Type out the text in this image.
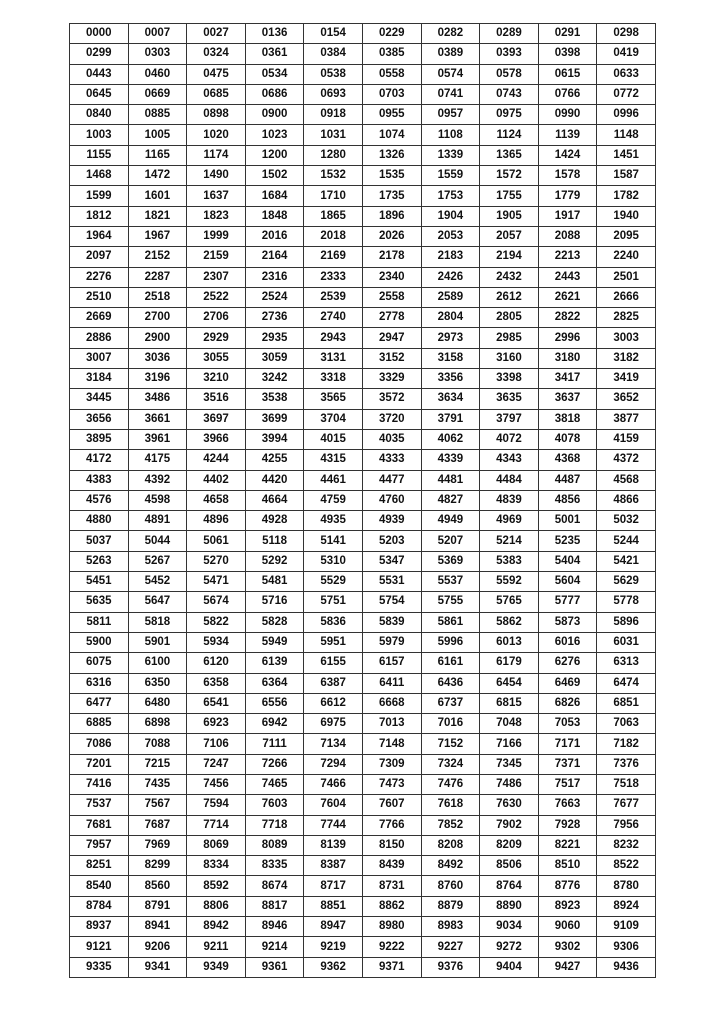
0000	0007	0027	0136	0154	0229	0282	0289	0291	0298
0299	0303	0324	0361	0384	0385	0389	0393	0398	0419
0443	0460	0475	0534	0538	0558	0574	0578	0615	0633
0645	0669	0685	0686	0693	0703	0741	0743	0766	0772
0840	0885	0898	0900	0918	0955	0957	0975	0990	0996
1003	1005	1020	1023	1031	1074	1108	1124	1139	1148
1155	1165	1174	1200	1280	1326	1339	1365	1424	1451
1468	1472	1490	1502	1532	1535	1559	1572	1578	1587
1599	1601	1637	1684	1710	1735	1753	1755	1779	1782
1812	1821	1823	1848	1865	1896	1904	1905	1917	1940
1964	1967	1999	2016	2018	2026	2053	2057	2088	2095
2097	2152	2159	2164	2169	2178	2183	2194	2213	2240
2276	2287	2307	2316	2333	2340	2426	2432	2443	2501
2510	2518	2522	2524	2539	2558	2589	2612	2621	2666
2669	2700	2706	2736	2740	2778	2804	2805	2822	2825
2886	2900	2929	2935	2943	2947	2973	2985	2996	3003
3007	3036	3055	3059	3131	3152	3158	3160	3180	3182
3184	3196	3210	3242	3318	3329	3356	3398	3417	3419
3445	3486	3516	3538	3565	3572	3634	3635	3637	3652
3656	3661	3697	3699	3704	3720	3791	3797	3818	3877
3895	3961	3966	3994	4015	4035	4062	4072	4078	4159
4172	4175	4244	4255	4315	4333	4339	4343	4368	4372
4383	4392	4402	4420	4461	4477	4481	4484	4487	4568
4576	4598	4658	4664	4759	4760	4827	4839	4856	4866
4880	4891	4896	4928	4935	4939	4949	4969	5001	5032
5037	5044	5061	5118	5141	5203	5207	5214	5235	5244
5263	5267	5270	5292	5310	5347	5369	5383	5404	5421
5451	5452	5471	5481	5529	5531	5537	5592	5604	5629
5635	5647	5674	5716	5751	5754	5755	5765	5777	5778
5811	5818	5822	5828	5836	5839	5861	5862	5873	5896
5900	5901	5934	5949	5951	5979	5996	6013	6016	6031
6075	6100	6120	6139	6155	6157	6161	6179	6276	6313
6316	6350	6358	6364	6387	6411	6436	6454	6469	6474
6477	6480	6541	6556	6612	6668	6737	6815	6826	6851
6885	6898	6923	6942	6975	7013	7016	7048	7053	7063
7086	7088	7106	7111	7134	7148	7152	7166	7171	7182
7201	7215	7247	7266	7294	7309	7324	7345	7371	7376
7416	7435	7456	7465	7466	7473	7476	7486	7517	7518
7537	7567	7594	7603	7604	7607	7618	7630	7663	7677
7681	7687	7714	7718	7744	7766	7852	7902	7928	7956
7957	7969	8069	8089	8139	8150	8208	8209	8221	8232
8251	8299	8334	8335	8387	8439	8492	8506	8510	8522
8540	8560	8592	8674	8717	8731	8760	8764	8776	8780
8784	8791	8806	8817	8851	8862	8879	8890	8923	8924
8937	8941	8942	8946	8947	8980	8983	9034	9060	9109
9121	9206	9211	9214	9219	9222	9227	9272	9302	9306
9335	9341	9349	9361	9362	9371	9376	9404	9427	9436
